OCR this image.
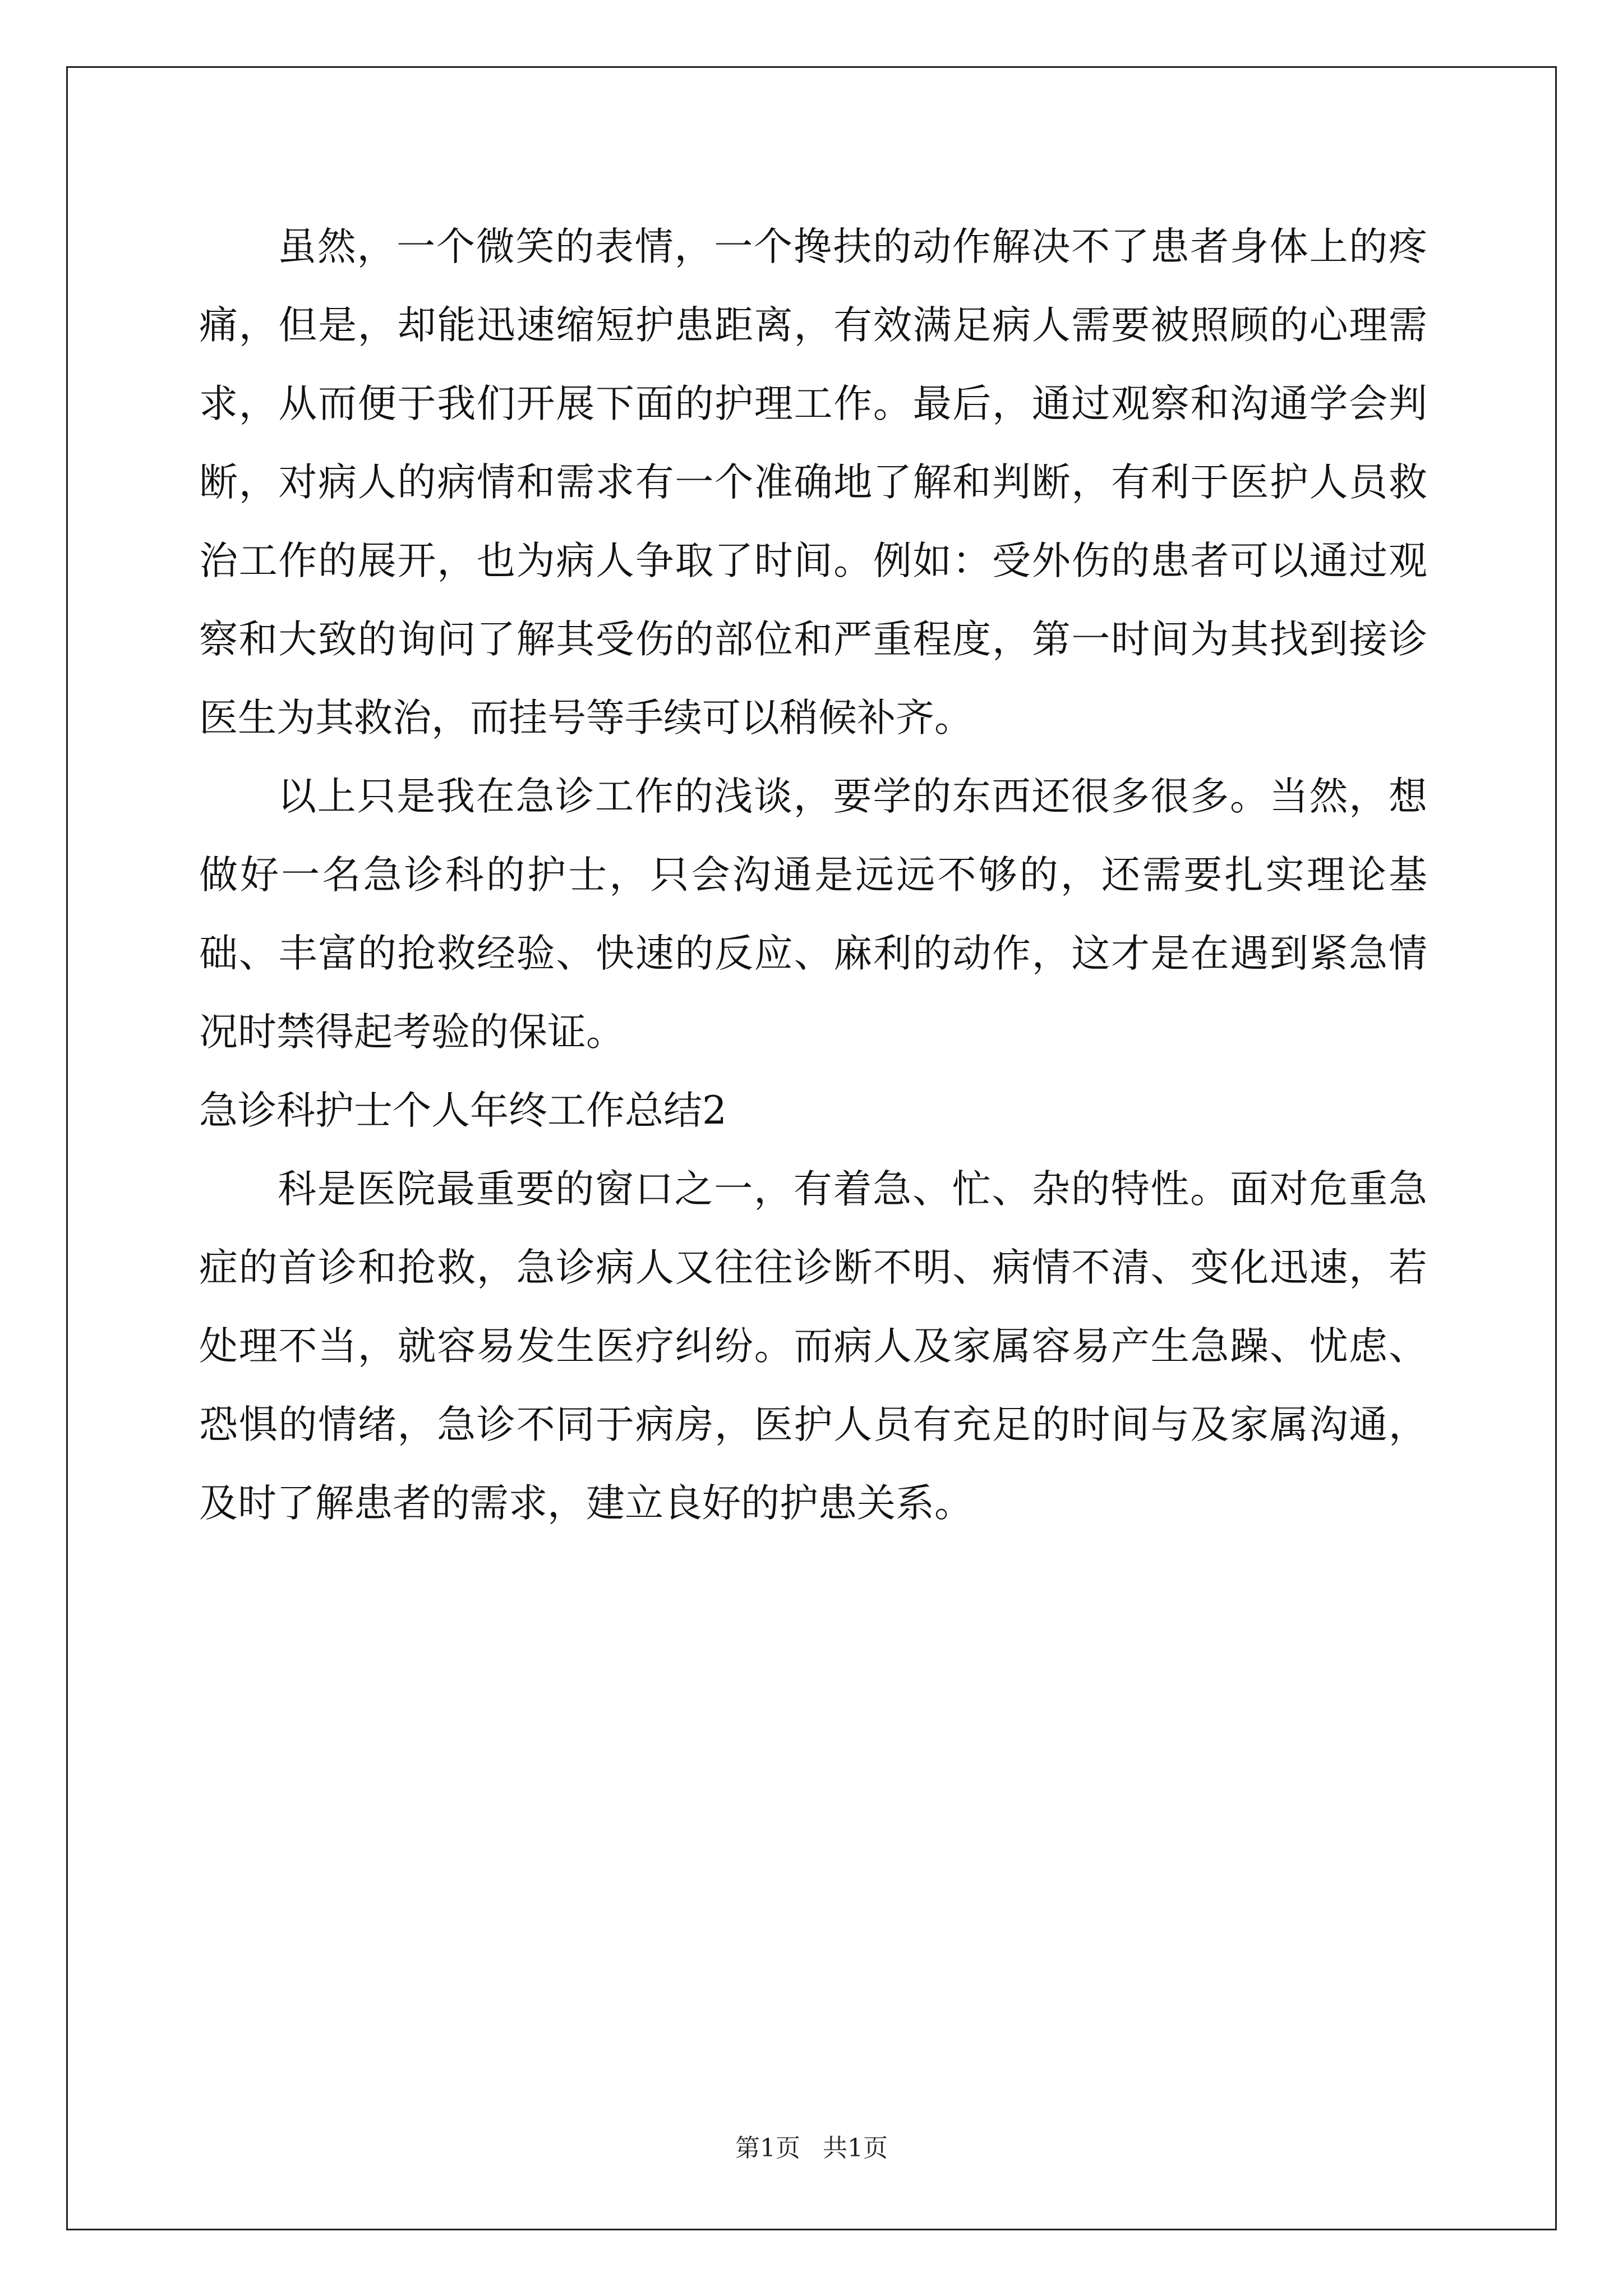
虽然，一个微笑的表情，一个搀扶的动作解决不了患者身体上的疼痛，但是，却能迅速缩短护患距离，有效满足病人需要被照顾的心理需求，从而便于我们开展下面的护理工作。最后，通过观察和沟通学会判断，对病人的病情和需求有一个准确地了解和判断，有利于医护人员救治工作的展开，也为病人争取了时间。例如：受外伤的患者可以通过观察和大致的询问了解其受伤的部位和严重程度，第一时间为其找到接诊医生为其救治，而挂号等手续可以稍候补齐。

以上只是我在急诊工作的浅谈，要学的东西还很多很多。当然，想做好一名急诊科的护士，只会沟通是远远不够的，还需要扎实理论基础、丰富的抢救经验、快速的反应、麻利的动作，这才是在遇到紧急情况时禁得起考验的保证。

急诊科护士个人年终工作总结2

科是医院最重要的窗口之一，有着急、忙、杂的特性。面对危重急症的首诊和抢救，急诊病人又往往诊断不明、病情不清、变化迅速，若处理不当，就容易发生医疗纠纷。而病人及家属容易产生急躁、忧虑、恐惧的情绪，急诊不同于病房，医护人员有充足的时间与及家属沟通，及时了解患者的需求，建立良好的护患关系。

第1页 共1页
